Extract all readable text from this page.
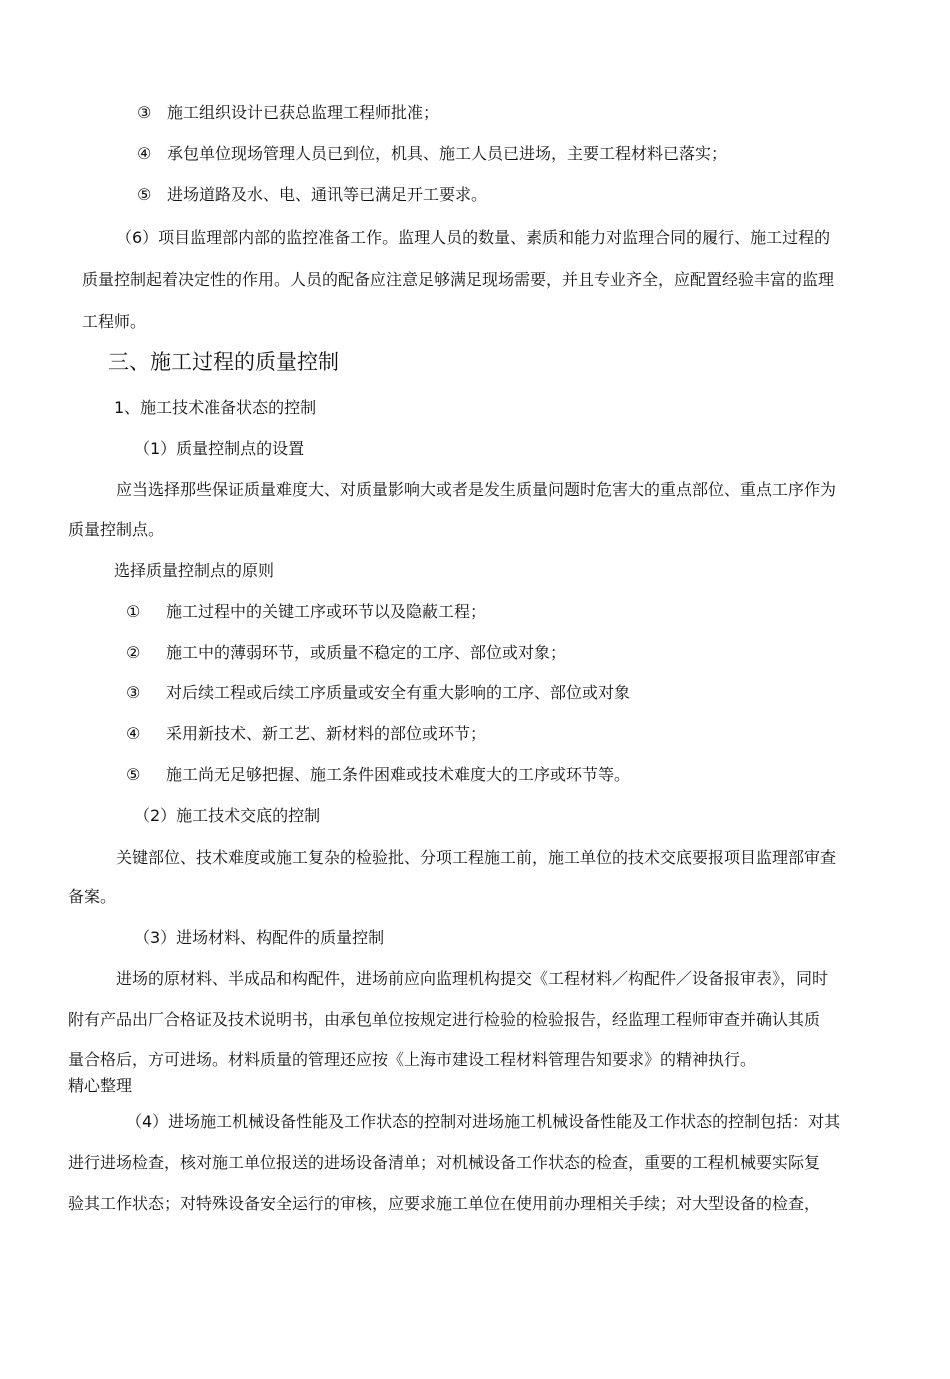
③ 施工组织设计已获总监理工程师批准；
④ 承包单位现场管理人员已到位，机具、施工人员已进场，主要工程材料已落实；
⑤ 进场道路及水、电、通讯等已满足开工要求。
（6）项目监理部内部的监控准备工作。监理人员的数量、素质和能力对监理合同的履行、施工过程的
质量控制起着决定性的作用。人员的配备应注意足够满足现场需要，并且专业齐全，应配置经验丰富的监理
工程师。
三、施工过程的质量控制
1、施工技术准备状态的控制
（1）质量控制点的设置
应当选择那些保证质量难度大、对质量影响大或者是发生质量问题时危害大的重点部位、重点工序作为
质量控制点。
选择质量控制点的原则
① 施工过程中的关键工序或环节以及隐蔽工程；
② 施工中的薄弱环节，或质量不稳定的工序、部位或对象；
③ 对后续工程或后续工序质量或安全有重大影响的工序、部位或对象
④ 采用新技术、新工艺、新材料的部位或环节；
⑤ 施工尚无足够把握、施工条件困难或技术难度大的工序或环节等。
（2）施工技术交底的控制
关键部位、技术难度或施工复杂的检验批、分项工程施工前，施工单位的技术交底要报项目监理部审查
备案。
（3）进场材料、构配件的质量控制
进场的原材料、半成品和构配件，进场前应向监理机构提交《工程材料／构配件／设备报审表》，同时
附有产品出厂合格证及技术说明书，由承包单位按规定进行检验的检验报告，经监理工程师审查并确认其质
量合格后，方可进场。材料质量的管理还应按《上海市建设工程材料管理告知要求》的精神执行。
精心整理
（4）进场施工机械设备性能及工作状态的控制对进场施工机械设备性能及工作状态的控制包括：对其
进行进场检查，核对施工单位报送的进场设备清单；对机械设备工作状态的检查，重要的工程机械要实际复
验其工作状态；对特殊设备安全运行的审核，应要求施工单位在使用前办理相关手续；对大型设备的检查，
